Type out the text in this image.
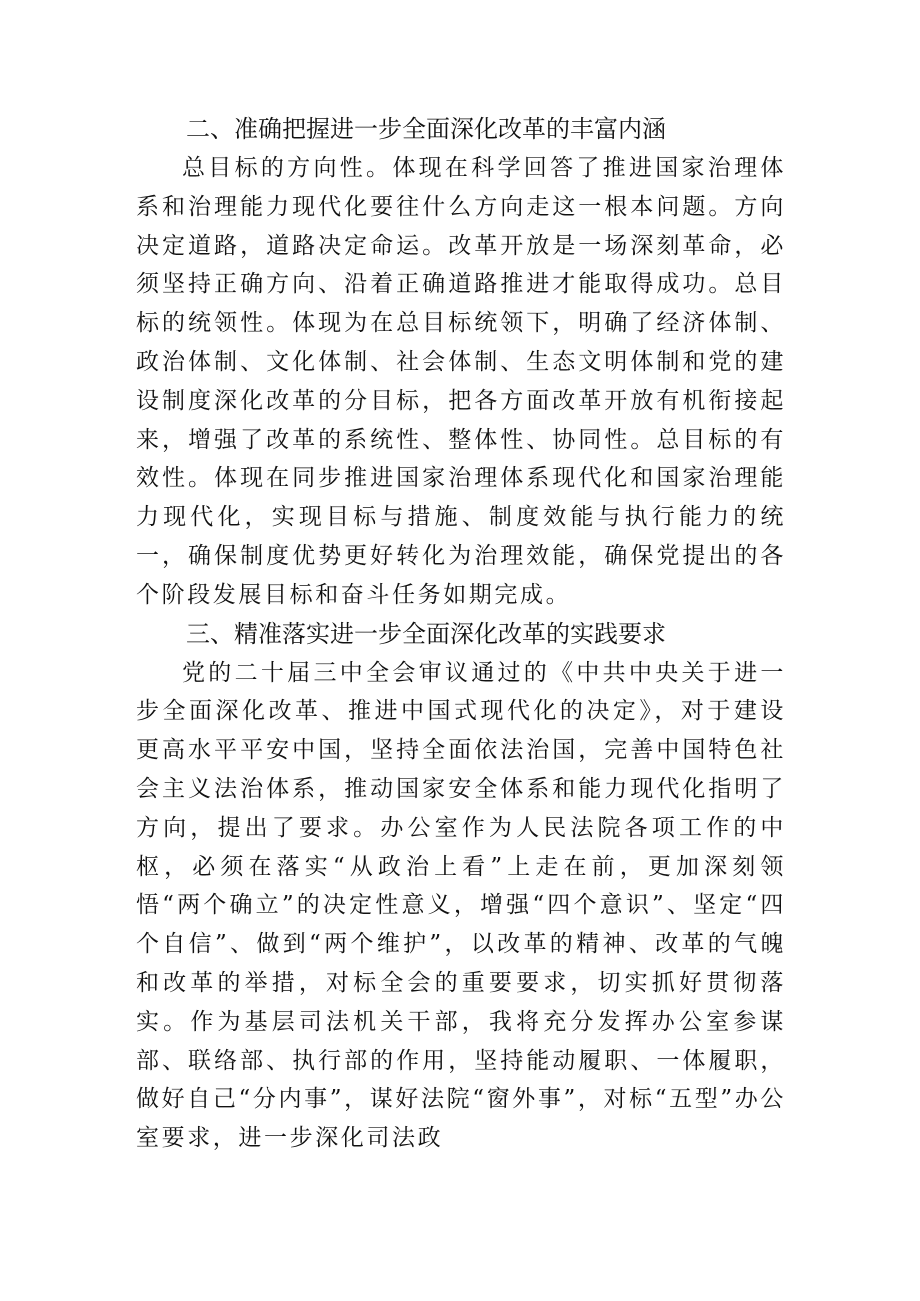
二、准确把握进一步全面深化改革的丰富内涵

总目标的方向性。体现在科学回答了推进国家治理体系和治理能力现代化要往什么方向走这一根本问题。方向决定道路，道路决定命运。改革开放是一场深刻革命，必须坚持正确方向、沿着正确道路推进才能取得成功。总目标的统领性。体现为在总目标统领下，明确了经济体制、政治体制、文化体制、社会体制、生态文明体制和党的建设制度深化改革的分目标，把各方面改革开放有机衔接起来，增强了改革的系统性、整体性、协同性。总目标的有效性。体现在同步推进国家治理体系现代化和国家治理能力现代化，实现目标与措施、制度效能与执行能力的统一，确保制度优势更好转化为治理效能，确保党提出的各个阶段发展目标和奋斗任务如期完成。

三、精准落实进一步全面深化改革的实践要求

党的二十届三中全会审议通过的《中共中央关于进一步全面深化改革、推进中国式现代化的决定》，对于建设更高水平平安中国，坚持全面依法治国，完善中国特色社会主义法治体系，推动国家安全体系和能力现代化指明了方向，提出了要求。办公室作为人民法院各项工作的中枢，必须在落实“从政治上看”上走在前，更加深刻领悟“两个确立”的决定性意义，增强“四个意识”、坚定“四个自信”、做到“两个维护”，以改革的精神、改革的气魄和改革的举措，对标全会的重要要求，切实抓好贯彻落实。作为基层司法机关干部，我将充分发挥办公室参谋部、联络部、执行部的作用，坚持能动履职、一体履职，做好自己“分内事”，谋好法院“窗外事”，对标“五型”办公室要求，进一步深化司法政
